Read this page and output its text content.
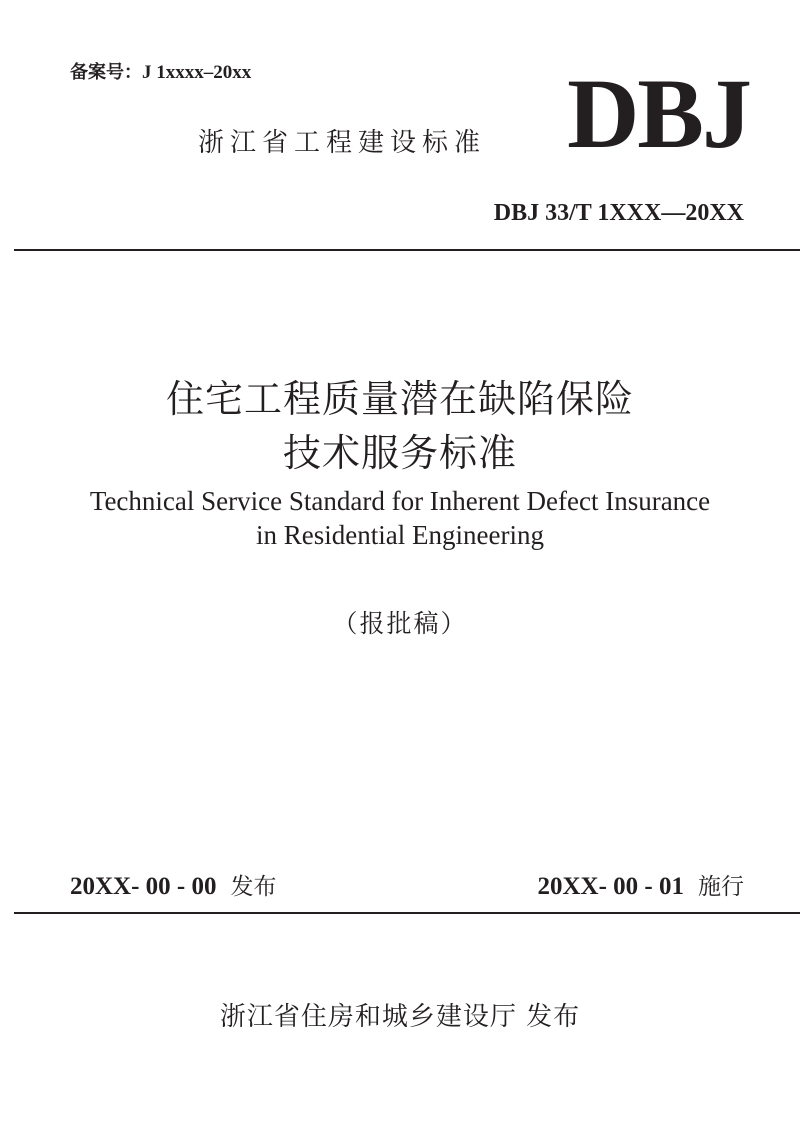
备案号：J 1xxxx–20xx
浙江省工程建设标准 DBJ
DBJ 33/T 1XXX—20XX
住宅工程质量潜在缺陷保险
技术服务标准
Technical Service Standard for Inherent Defect Insurance
in Residential Engineering
（报批稿）
20XX- 00 - 00 发布	20XX- 00 - 01 施行
浙江省住房和城乡建设厅 发布
